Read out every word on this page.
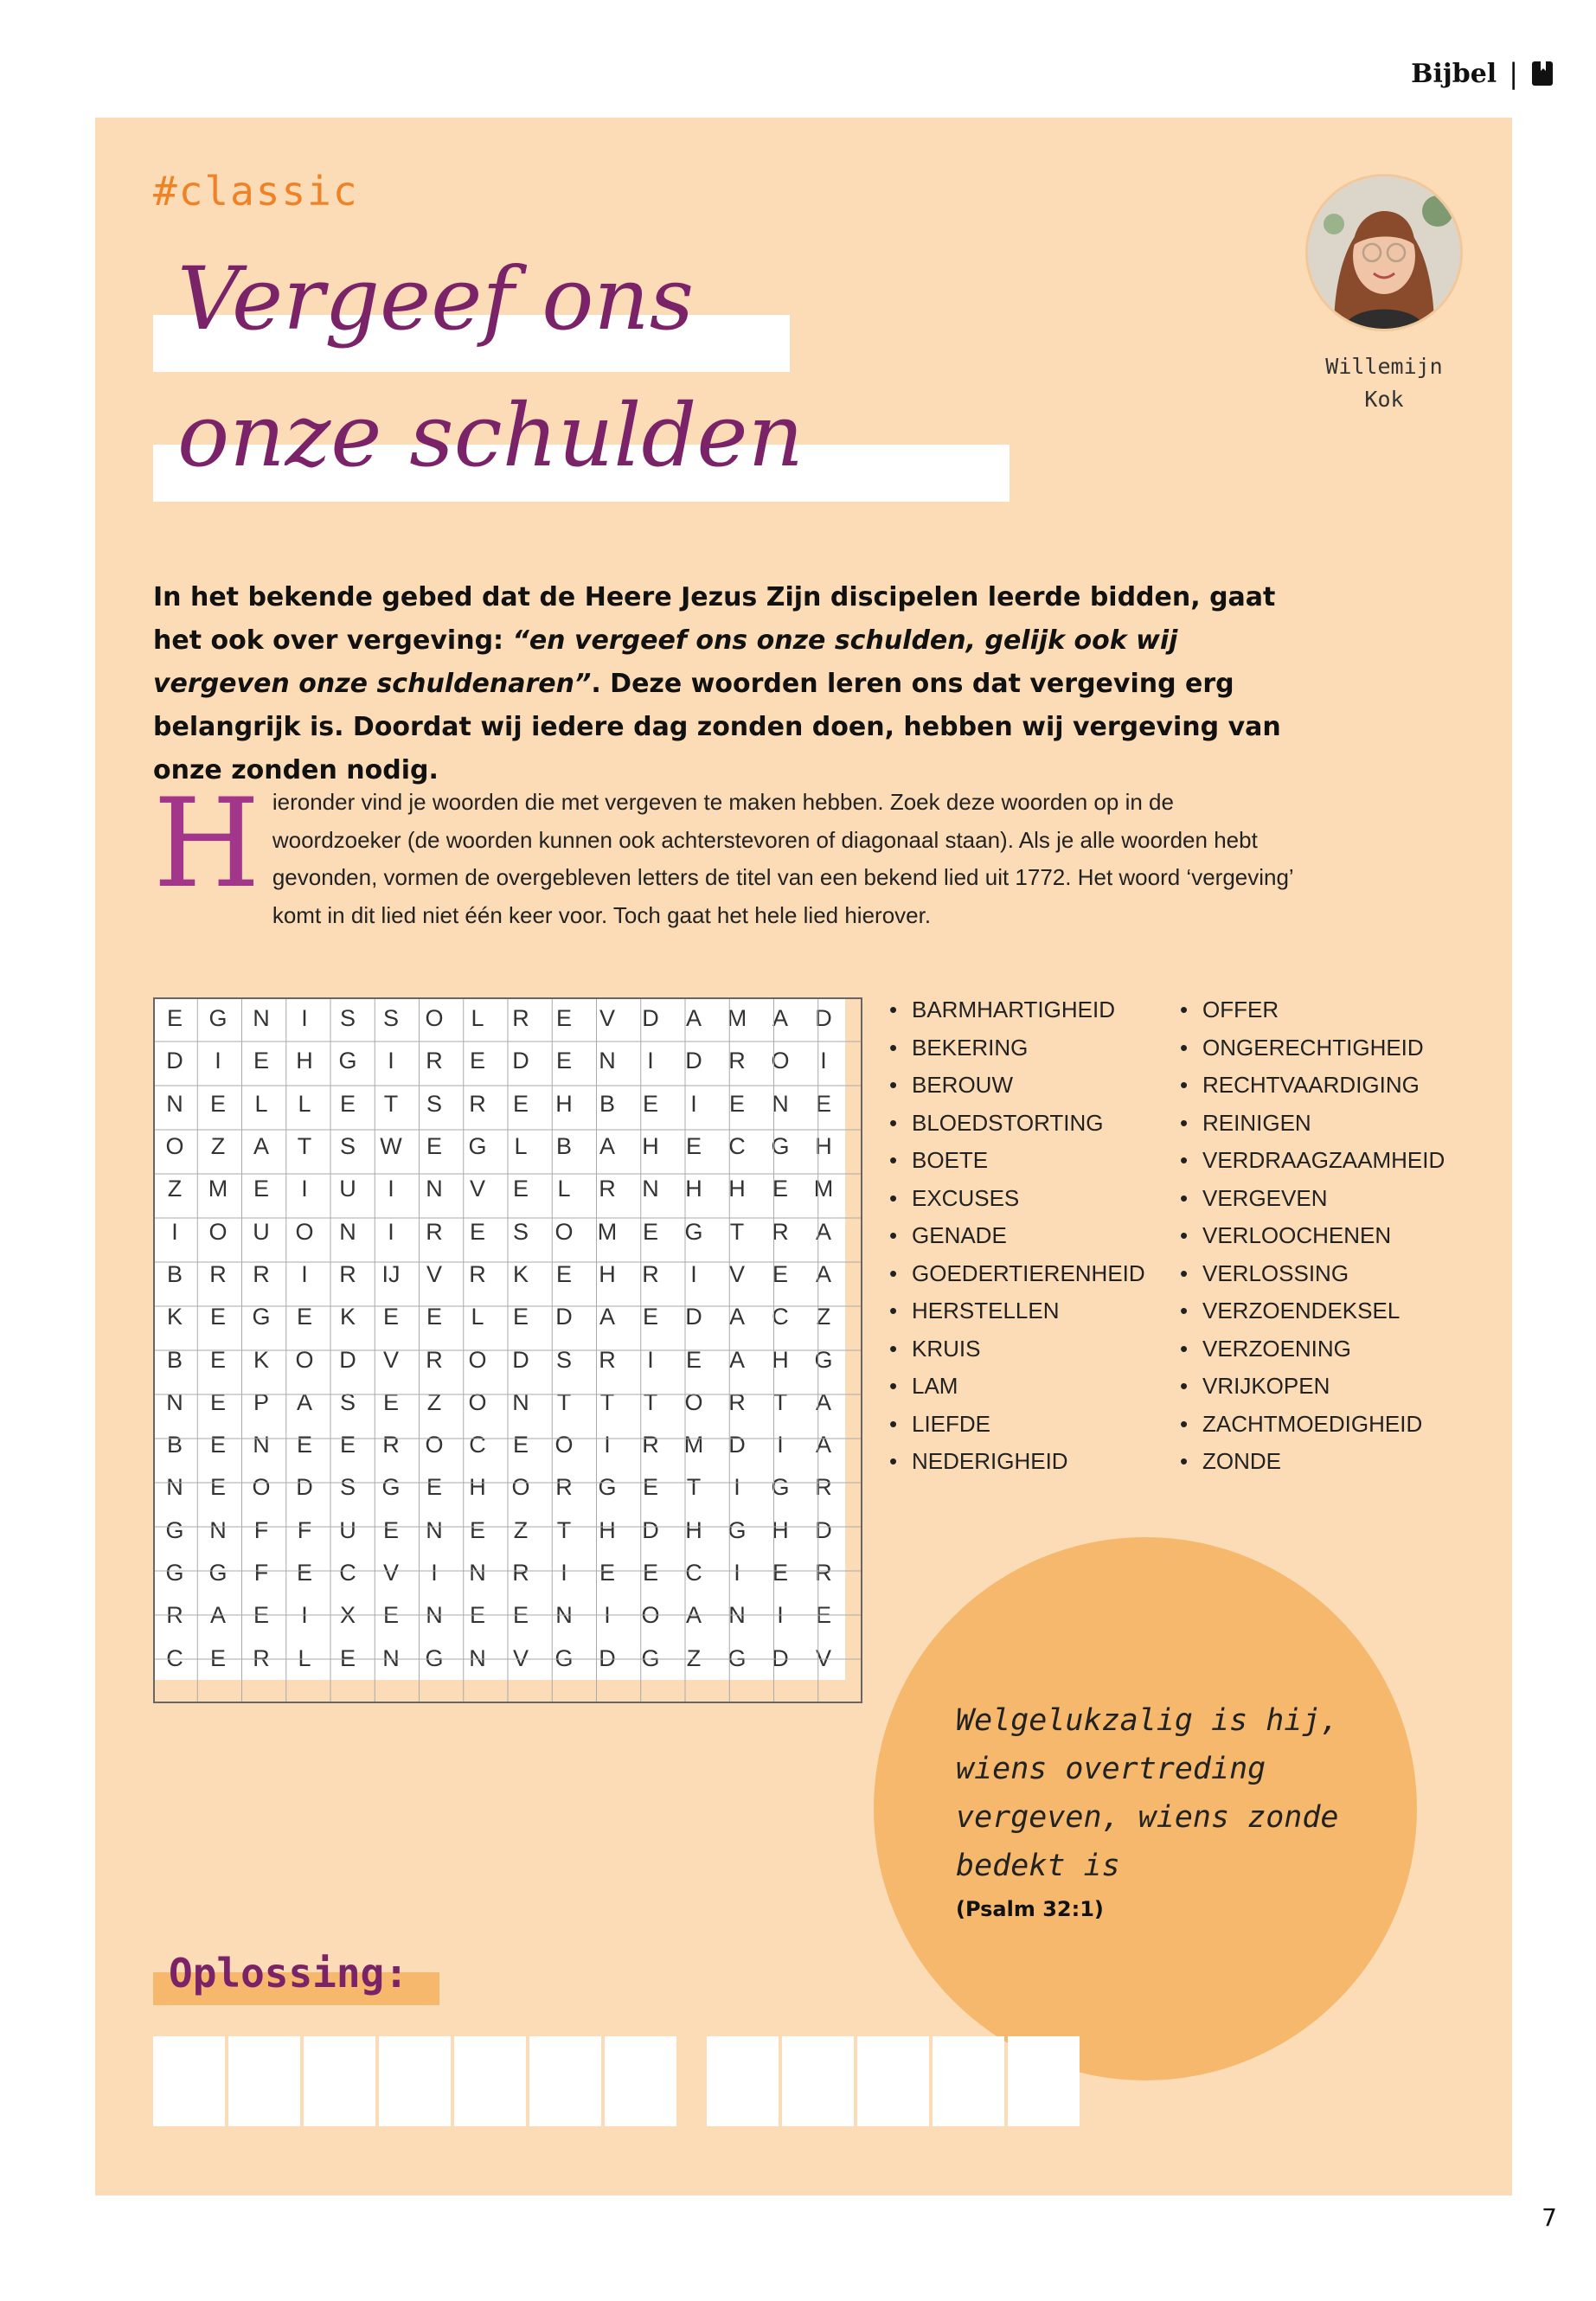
Bijbel |
#classic
Vergeef ons
onze schulden
Willemijn
Kok
In het bekende gebed dat de Heere Jezus Zijn discipelen leerde bidden, gaat het ook over vergeving: “en vergeef ons onze schulden, gelijk ook wij vergeven onze schuldenaren”. Deze woorden leren ons dat vergeving erg belangrijk is. Doordat wij iedere dag zonden doen, hebben wij vergeving van onze zonden nodig.
Hieronder vind je woorden die met vergeven te maken hebben. Zoek deze woorden op in de woordzoeker (de woorden kunnen ook achterstevoren of diagonaal staan). Als je alle woorden hebt gevonden, vormen de overgebleven letters de titel van een bekend lied uit 1772. Het woord ‘vergeving’ komt in dit lied niet één keer voor. Toch gaat het hele lied hierover.
E	G	N	I	S	S	O	L	R	E	V	D	A	M	A	D
D	I	E	H	G	I	R	E	D	E	N	I	D	R	O	I
N	E	L	L	E	T	S	R	E	H	B	E	I	E	N	E
O	Z	A	T	S	W	E	G	L	B	A	H	E	C	G	H
Z	M	E	I	U	I	N	V	E	L	R	N	H	H	E	M
I	O	U	O	N	I	R	E	S	O	M	E	G	T	R	A
B	R	R	I	R	IJ	V	R	K	E	H	R	I	V	E	A
K	E	G	E	K	E	E	L	E	D	A	E	D	A	C	Z
B	E	K	O	D	V	R	O	D	S	R	I	E	A	H	G
N	E	P	A	S	E	Z	O	N	T	T	T	O	R	T	A
B	E	N	E	E	R	O	C	E	O	I	R	M	D	I	A
N	E	O	D	S	G	E	H	O	R	G	E	T	I	G	R
G	N	F	F	U	E	N	E	Z	T	H	D	H	G	H	D
G	G	F	E	C	V	I	N	R	I	E	E	C	I	E	R
R	A	E	I	X	E	N	E	E	N	I	O	A	N	I	E
C	E	R	L	E	N	G	N	V	G	D	G	Z	G	D	V
• BARMHARTIGHEID
• BEKERING
• BEROUW
• BLOEDSTORTING
• BOETE
• EXCUSES
• GENADE
• GOEDERTIERENHEID
• HERSTELLEN
• KRUIS
• LAM
• LIEFDE
• NEDERIGHEID
• OFFER
• ONGERECHTIGHEID
• RECHTVAARDIGING
• REINIGEN
• VERDRAAGZAAMHEID
• VERGEVEN
• VERLOOCHENEN
• VERLOSSING
• VERZOENDEKSEL
• VERZOENING
• VRIJKOPEN
• ZACHTMOEDIGHEID
• ZONDE
Welgelukzalig is hij, wiens overtreding vergeven, wiens zonde bedekt is
(Psalm 32:1)
Oplossing:
7
